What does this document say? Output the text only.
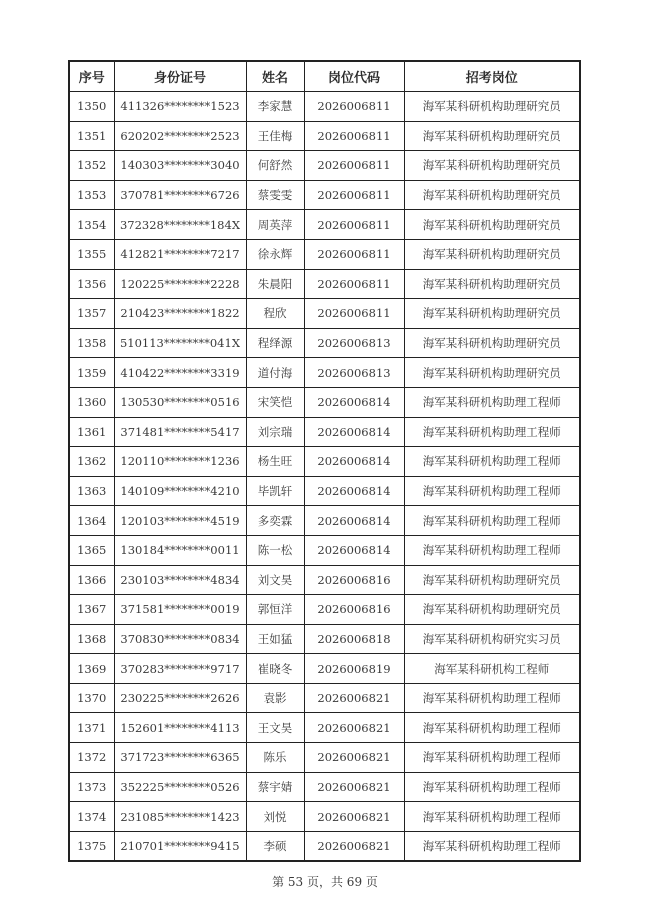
序号	身份证号	姓名	岗位代码	招考岗位
1350	411326********1523	李家慧	2026006811	海军某科研机构助理研究员
1351	620202********2523	王佳梅	2026006811	海军某科研机构助理研究员
1352	140303********3040	何舒然	2026006811	海军某科研机构助理研究员
1353	370781********6726	蔡雯雯	2026006811	海军某科研机构助理研究员
1354	372328********184X	周英萍	2026006811	海军某科研机构助理研究员
1355	412821********7217	徐永辉	2026006811	海军某科研机构助理研究员
1356	120225********2228	朱晨阳	2026006811	海军某科研机构助理研究员
1357	210423********1822	程欣	2026006811	海军某科研机构助理研究员
1358	510113********041X	程绎源	2026006813	海军某科研机构助理研究员
1359	410422********3319	道付海	2026006813	海军某科研机构助理研究员
1360	130530********0516	宋笑恺	2026006814	海军某科研机构助理工程师
1361	371481********5417	刘宗瑞	2026006814	海军某科研机构助理工程师
1362	120110********1236	杨生旺	2026006814	海军某科研机构助理工程师
1363	140109********4210	毕凯轩	2026006814	海军某科研机构助理工程师
1364	120103********4519	多奕霖	2026006814	海军某科研机构助理工程师
1365	130184********0011	陈一松	2026006814	海军某科研机构助理工程师
1366	230103********4834	刘文昊	2026006816	海军某科研机构助理研究员
1367	371581********0019	郭恒洋	2026006816	海军某科研机构助理研究员
1368	370830********0834	王如猛	2026006818	海军某科研机构研究实习员
1369	370283********9717	崔晓冬	2026006819	海军某科研机构工程师
1370	230225********2626	袁影	2026006821	海军某科研机构助理工程师
1371	152601********4113	王文昊	2026006821	海军某科研机构助理工程师
1372	371723********6365	陈乐	2026006821	海军某科研机构助理工程师
1373	352225********0526	蔡宇婧	2026006821	海军某科研机构助理工程师
1374	231085********1423	刘悦	2026006821	海军某科研机构助理工程师
1375	210701********9415	李硕	2026006821	海军某科研机构助理工程师
第 53 页，共 69 页
